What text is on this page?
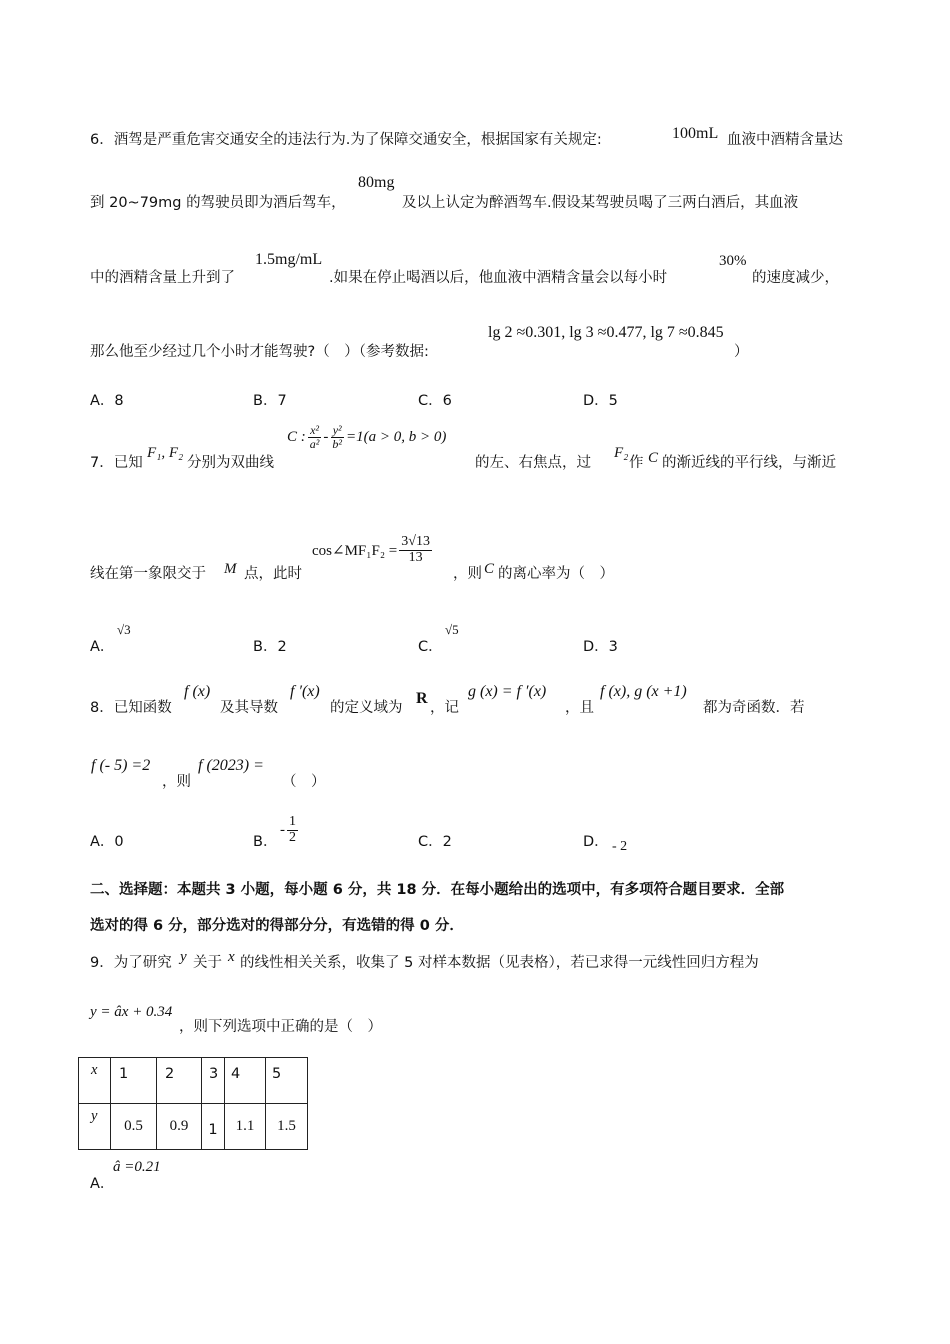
6．酒驾是严重危害交通安全的违法行为.为了保障交通安全，根据国家有关规定:	100mL 血液中酒精含量达
到 20~79mg 的驾驶员即为酒后驾车，
80mg
及以上认定为醉酒驾车.假设某驾驶员喝了三两白酒后，其血液
中的酒精含量上升到了
1.5mg/mL
.如果在停止喝酒以后，他血液中酒精含量会以每小时
30%
的速度减少，
那么他至少经过几个小时才能驾驶?（　）（参考数据:
lg 2 ≈0.301, lg 3 ≈0.477, lg 7 ≈0.845
）
A．8	B．7	C．6	D．5
7．已知
F₁, F₂
分别为双曲线
C : $\frac{\text{x²}}{\text{a²}} - \frac{\text{y²}}{\text{b²}} =1(a > 0$, b > 0)
的左、右焦点，过
F₂
作 C 的渐近线的平行线，与渐近
线在第一象限交于 M 点，此时
cos∠MF₁F₂ = $\frac{3√13}{13}$
，则 C 的离心率为（　）
A．
√3
B．2	C．
√5
D．3
8．已知函数
f (x)
及其导数
f ′(x)
的定义域为
R
，记
g (x) = f ′(x)
，且
f (x), g (x +1)
都为奇函数．若
f (- 5) =2
，则
f (2023) =
（　）
A．0	B．
- $\frac{1}{2}$	C．2	D． - 2
二、选择题：本题共 3 小题，每小题 6 分，共 18 分．在每小题给出的选项中，有多项符合题目要求．全部
选对的得 6 分，部分选对的得部分分，有选错的得 0 分．
9．为了研究 y 关于 x 的线性相关关系，收集了 5 对样本数据（见表格），若已求得一元线性回归方程为
y = âx + 0.34
，则下列选项中正确的是（　）
x	1	2	3	4	5

y	0.5	0.9	1	1.1	1.5
A．
â =0.21
